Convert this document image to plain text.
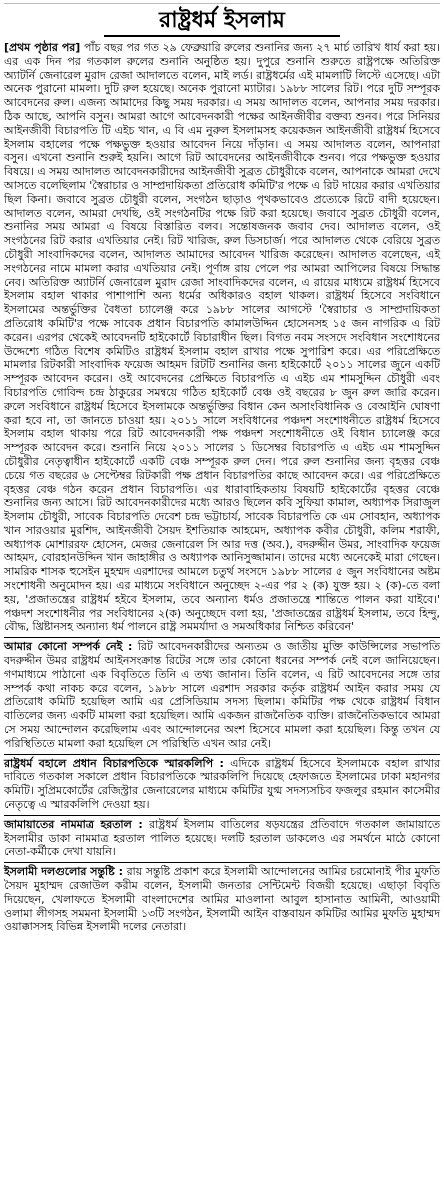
রাষ্ট্রধর্ম ইসলাম

[প্রথম পৃষ্ঠার পর] পাঁচ বছর পর গত ২৯ ফেব্রুয়ারি রুলের শুনানির জন্য ২৭ মার্চ তারিখ ধার্য করা হয়। এর এক দিন পর গতকাল রুলের শুনানি অনুষ্ঠিত হয়। দুপুরে শুনানি শুরুতে রাষ্ট্রপক্ষে অতিরিক্ত অ্যাটর্নি জেনারেল মুরাদ রেজা আদালতে বলেন, মাই লর্ড। রাষ্ট্রধর্মের এই মামলাটি লিস্টে এসেছে। এটা অনেক পুরানো মামলা। দুটি রুল হয়েছে। অনেক পুরানো ম্যাটার। ১৯৮৮ সালের রিট। পরে দুটি সম্পূরক আবেদনের রুল। এজন্য আমাদের কিছু সময় দরকার। এ সময় আদালত বলেন, আপনার সময় দরকার। ঠিক আছে, আপনি বসুন। আমরা আগে আবেদনকারী পক্ষের আইনজীবীর বক্তব্য শুনব। পরে সিনিয়র আইনজীবী বিচারপতি টি এইচ খান, এ বি এম নুরুল ইসলামসহ কয়েকজন আইনজীবী রাষ্ট্রধর্ম হিসেবে ইসলাম বহালের পক্ষে পক্ষভুক্ত হওয়ার আবেদন নিয়ে দাঁড়ান। এ সময় আদালত বলেন, আপনারা বসুন। এখনো শুনানি শুরুই হয়নি। আগে রিট আবেদনের আইনজীবীকে শুনব। পরে পক্ষভুক্ত হওয়ার বিষয়ে। এ সময় আদালত আবেদনকারীদের আইনজীবী সুব্রত চৌধুরীকে বলেন, আপনাকে আমরা দেখে আসতে বলেছিলাম 'স্বৈরাচার ও সাম্প্রদায়িকতা প্রতিরোধ কমিটি'র পক্ষে এ রিট দায়ের করার এখতিয়ার ছিল কিনা। জবাবে সুব্রত চৌধুরী বলেন, সংগঠন ছাড়াও পৃথকভাবেও প্রত্যেকে রিটে বাদী হয়েছেন। আদালত বলেন, আমরা দেখছি, ওই সংগঠনটির পক্ষে রিট করা হয়েছে। জবাবে সুব্রত চৌধুরী বলেন, শুনানির সময় আমরা এ বিষয়ে বিস্তারিত বলব। সন্তোষজনক জবাব দেব। আদালত বলেন, ওই সংগঠনের রিট করার এখতিয়ার নেই। রিট খারিজ, রুল ডিসচার্জ। পরে আদালত থেকে বেরিয়ে সুব্রত চৌধুরী সাংবাদিকদের বলেন, আদালত আমাদের আবেদন খারিজ করেছেন। আদালত বলেছেন, এই সংগঠনের নামে মামলা করার এখতিয়ার নেই। পূর্ণাঙ্গ রায় পেলে পর আমরা আপিলের বিষয়ে সিদ্ধান্ত নেব। অতিরিক্ত অ্যাটর্নি জেনারেল মুরাদ রেজা সাংবাদিকদের বলেন, এ রায়ের মাধ্যমে রাষ্ট্রধর্ম হিসেবে ইসলাম বহাল থাকার পাশাপাশি অন্য ধর্মের অধিকারও বহাল থাকল। রাষ্ট্রধর্ম হিসেবে সংবিধানে ইসলামের অন্তর্ভুক্তির বৈধতা চ্যালেঞ্জ করে ১৯৮৮ সালের আগস্টে 'স্বৈরাচার ও সাম্প্রদায়িকতা প্রতিরোধ কমিটি'র পক্ষে সাবেক প্রধান বিচারপতি কামালউদ্দিন হোসেনসহ ১৫ জন নাগরিক এ রিট করেন। এরপর থেকেই আবেদনটি হাইকোর্টে বিচারাধীন ছিল। বিগত নবম সংসদে সংবিধান সংশোধনের উদ্দেশ্যে গঠিত বিশেষ কমিটিও রাষ্ট্রধর্ম ইসলাম বহাল রাখার পক্ষে সুপারিশ করে। এর পরিপ্রেক্ষিতে মামলার রিটকারী সাংবাদিক ফয়েজ আহমদ রিটটি শুনানির জন্য হাইকোর্টে ২০১১ সালের জুনে একটি সম্পূরক আবেদন করেন। ওই আবেদনের প্রেক্ষিতে বিচারপতি এ এইচ এম শামসুদ্দিন চৌধুরী এবং বিচারপতি গোবিন্দ চন্দ্র ঠাকুরের সমন্বয়ে গঠিত হাইকোর্ট বেঞ্চ ওই বছরের ৮ জুন রুল জারি করেন। রুলে সংবিধানে রাষ্ট্রধর্ম হিসেবে ইসলামকে অন্তর্ভুক্তির বিধান কেন অসাংবিধানিক ও বেআইনি ঘোষণা করা হবে না, তা জানতে চাওয়া হয়। ২০১১ সালে সংবিধানের পঞ্চদশ সংশোধনীতে রাষ্ট্রধর্ম হিসেবে ইসলাম বহাল থাকায় পরে রিট আবেদনকারী পক্ষ পঞ্চদশ সংশোধনীতে ওই বিধান চ্যালেঞ্জ করে সম্পূরক আবেদন করে। শুনানি নিয়ে ২০১১ সালের ১ ডিসেম্বর বিচারপতি এ এইচ এম শামসুদ্দিন চৌধুরীর নেতৃত্বাধীন হাইকোর্টে একটি বেঞ্চ সম্পূরক রুল দেন। পরে রুল শুনানির জন্য বৃহত্তর বেঞ্চ চেয়ে গত বছরের ৬ সেপ্টেম্বর রিটকারী পক্ষ প্রধান বিচারপতির কাছে আবেদন করে। এর পরিপ্রেক্ষিতে বৃহত্তর বেঞ্চ গঠন করেন প্রধান বিচারপতি। এর ধারাবাহিকতায় বিষয়টি হাইকোর্টের বৃহত্তর বেঞ্চে শুনানির জন্য আসে। রিট আবেদনকারীদের মধ্যে আরও ছিলেন কবি সুফিয়া কামাল, অধ্যাপক সিরাজুল ইসলাম চৌধুরী, সাবেক বিচারপতি দেবেশ চন্দ্র ভট্টাচার্য, সাবেক বিচারপতি কে এম সোবহান, অধ্যাপক খান সারওয়ার মুরশিদ, আইনজীবী সৈয়দ ইশতিয়াক আহমেদ, অধ্যাপক কবীর চৌধুরী, কলিম শরাফী, অধ্যাপক মোশাররফ হোসেন, মেজর জেনারেল সি আর দত্ত (অব.), বদরুদ্দীন উমর, সাংবাদিক ফয়েজ আহমদ, বোরহানউদ্দিন খান জাহাঙ্গীর ও অধ্যাপক আনিসুজ্জামান। তাদের মধ্যে অনেকেই মারা গেছেন। সামরিক শাসক হুসেইন মুহম্মদ এরশাদের আমলে চতুর্থ সংসদে ১৯৮৮ সালের ৫ জুন সংবিধানের অষ্টম সংশোধনী অনুমোদন হয়। এর মাধ্যমে সংবিধানে অনুচ্ছেদ ২-এর পর ২ (ক) যুক্ত হয়। ২ (ক)-তে বলা হয়, 'প্রজাতন্ত্রের রাষ্ট্রধর্ম হইবে ইসলাম, তবে অন্যান্য ধর্মও প্রজাতন্ত্রে শান্তিতে পালন করা যাইবে।' পঞ্চদশ সংশোধনীর পর সংবিধানের ২(ক) অনুচ্ছেদে বলা হয়, 'প্রজাতন্ত্রের রাষ্ট্রধর্ম ইসলাম, তবে হিন্দু, বৌদ্ধ, খ্রিষ্টানসহ অন্যান্য ধর্ম পালনে রাষ্ট্র সমমর্যাদা ও সমঅধিকার নিশ্চিত করিবেন'

আমার কোনো সম্পর্ক নেই : রিট আবেদনকারীদের অন্যতম ও জাতীয় মুক্তি কাউন্সিলের সভাপতি বদরুদ্দীন উমর রাষ্ট্রধর্ম আইনসংক্রান্ত রিটের সঙ্গে তার কোনো ধরনের সম্পর্ক নেই বলে জানিয়েছেন। গণমাধ্যমে পাঠানো এক বিবৃতিতে তিনি এ তথ্য জানান। তিনি বলেন, এ রিট আবেদনের সঙ্গে তার সম্পর্ক কথা নাকচ করে বলেন, ১৯৮৮ সালে এরশাদ সরকার কর্তৃক রাষ্ট্রধর্ম আইন করার সময় যে প্রতিরোধ কমিটি হয়েছিল আমি এর প্রেসিডিয়াম সদস্য ছিলাম। কমিটির পক্ষ থেকে রাষ্ট্রধর্ম বিধান বাতিলের জন্য একটি মামলা করা হয়েছিল। আমি একজন রাজনৈতিক ব্যক্তি। রাজনৈতিকভাবে আমরা সে সময় আন্দোলন করেছিলাম এবং আন্দোলনের অংশ হিসেবে মামলা করা হয়েছিল। কিন্তু তখন যে পরিস্থিতিতে মামলা করা হয়েছিল সে পরিস্থিতি এখন আর নেই।

রাষ্ট্রধর্ম বহালে প্রধান বিচারপতিকে স্মারকলিপি : এদিকে রাষ্ট্রধর্ম হিসেবে ইসলামকে বহাল রাখার দাবিতে গতকাল সকালে প্রধান বিচারপতিকে স্মারকলিপি দিয়েছে হেফাজতে ইসলামের ঢাকা মহানগর কমিটি। সুপ্রিমকোর্টের রেজিস্ট্রার জেনারেলের মাধ্যমে কমিটির যুগ্ম সদস্যসচিব ফজলুর রহমান কাসেমীর নেতৃত্বে এ স্মারকলিপি দেওয়া হয়।

জামায়াতের নামমাত্র হরতাল : রাষ্ট্রধর্ম ইসলাম বাতিলের ষড়যন্ত্রের প্রতিবাদে গতকাল জামায়াতে ইসলামীর ডাকা নামমাত্র হরতাল পালিত হয়েছে। দলটি হরতাল ডাকলেও এর সমর্থনে মাঠে কোনো নেতা-কর্মীকে দেখা যায়নি।

ইসলামী দলগুলোর সন্তুষ্টি : রায় সন্তুষ্টি প্রকাশ করে ইসলামী আন্দোলনের আমির চরমোনাই পীর মুফতি সৈয়দ মুহাম্মদ রেজাউল করীম বলেন, ইসলামী জনতার সেন্টিমেন্ট বিজয়ী হয়েছে। এছাড়া বিবৃতি দিয়েছেন, খেলাফতে ইসলামী বাংলাদেশের আমির মাওলানা আবুল হাসানাত আমিনী, আওয়ামী ওলামা লীগসহ সমমনা ইসলামী ১৩টি সংগঠন, ইসলামী আইন বাস্তবায়ন কমিটির আমির মুফতি মুহাম্মদ ওয়াক্কাসসহ বিভিন্ন ইসলামী দলের নেতারা।
